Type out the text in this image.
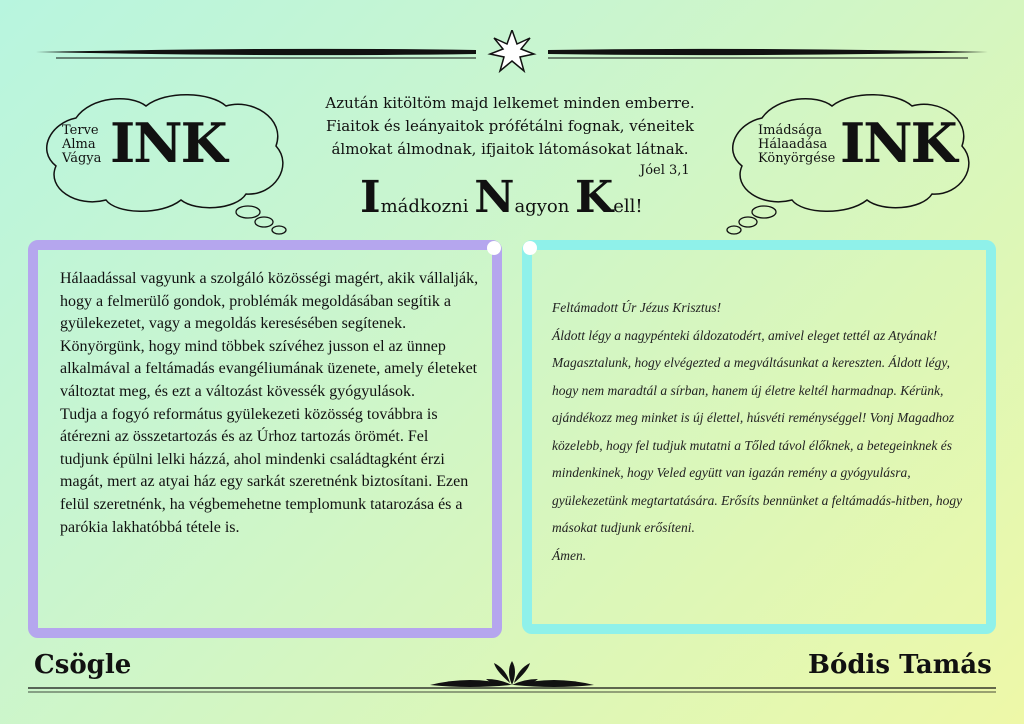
Terve
Alma
Vágya INK	Imádsága
Hálaadása
Könyörgése INK
Azután kitöltöm majd lelkemet minden emberre.
Fiaitok és leányaitok prófétálni fognak, véneitek
álmokat álmodnak, ifjaitok látomásokat látnak.
Jóel 3,1
Imádkozni Nagyon Kell!

Hálaadással vagyunk a szolgáló közösségi magért, akik vállalják, hogy a felmerülő gondok, problémák megoldásában segítik a gyülekezetet, vagy a megoldás keresésében segítenek.

Könyörgünk, hogy mind többek szívéhez jusson el az ünnep alkalmával a feltámadás evangéliumának üzenete, amely életeket változtat meg, és ezt a változást kövessék gyógyulások.

Tudja a fogyó református gyülekezeti közösség továbbra is átérezni az összetartozás és az Úrhoz tartozás örömét. Fel tudjunk épülni lelki házzá, ahol mindenki családtagként érzi magát, mert az atyai ház egy sarkát szeretnénk biztosítani. Ezen felül szeretnénk, ha végbemehetne templomunk tatarozása és a parókia lakhatóbbá tétele is.

Feltámadott Úr Jézus Krisztus!

Áldott légy a nagypénteki áldozatodért, amivel eleget tettél az Atyának! Magasztalunk, hogy elvégezted a megváltásunkat a kereszten. Áldott légy, hogy nem maradtál a sírban, hanem új életre keltél harmadnap. Kérünk, ajándékozz meg minket is új élettel, húsvéti reménységgel! Vonj Magadhoz közelebb, hogy fel tudjuk mutatni a Tőled távol élőknek, a betegeinknek és mindenkinek, hogy Veled együtt van igazán remény a gyógyulásra, gyülekezetünk megtartatására. Erősíts bennünket a feltámadás-hitben, hogy másokat tudjunk erősíteni.

Ámen.

Csögle	Bódis Tamás
